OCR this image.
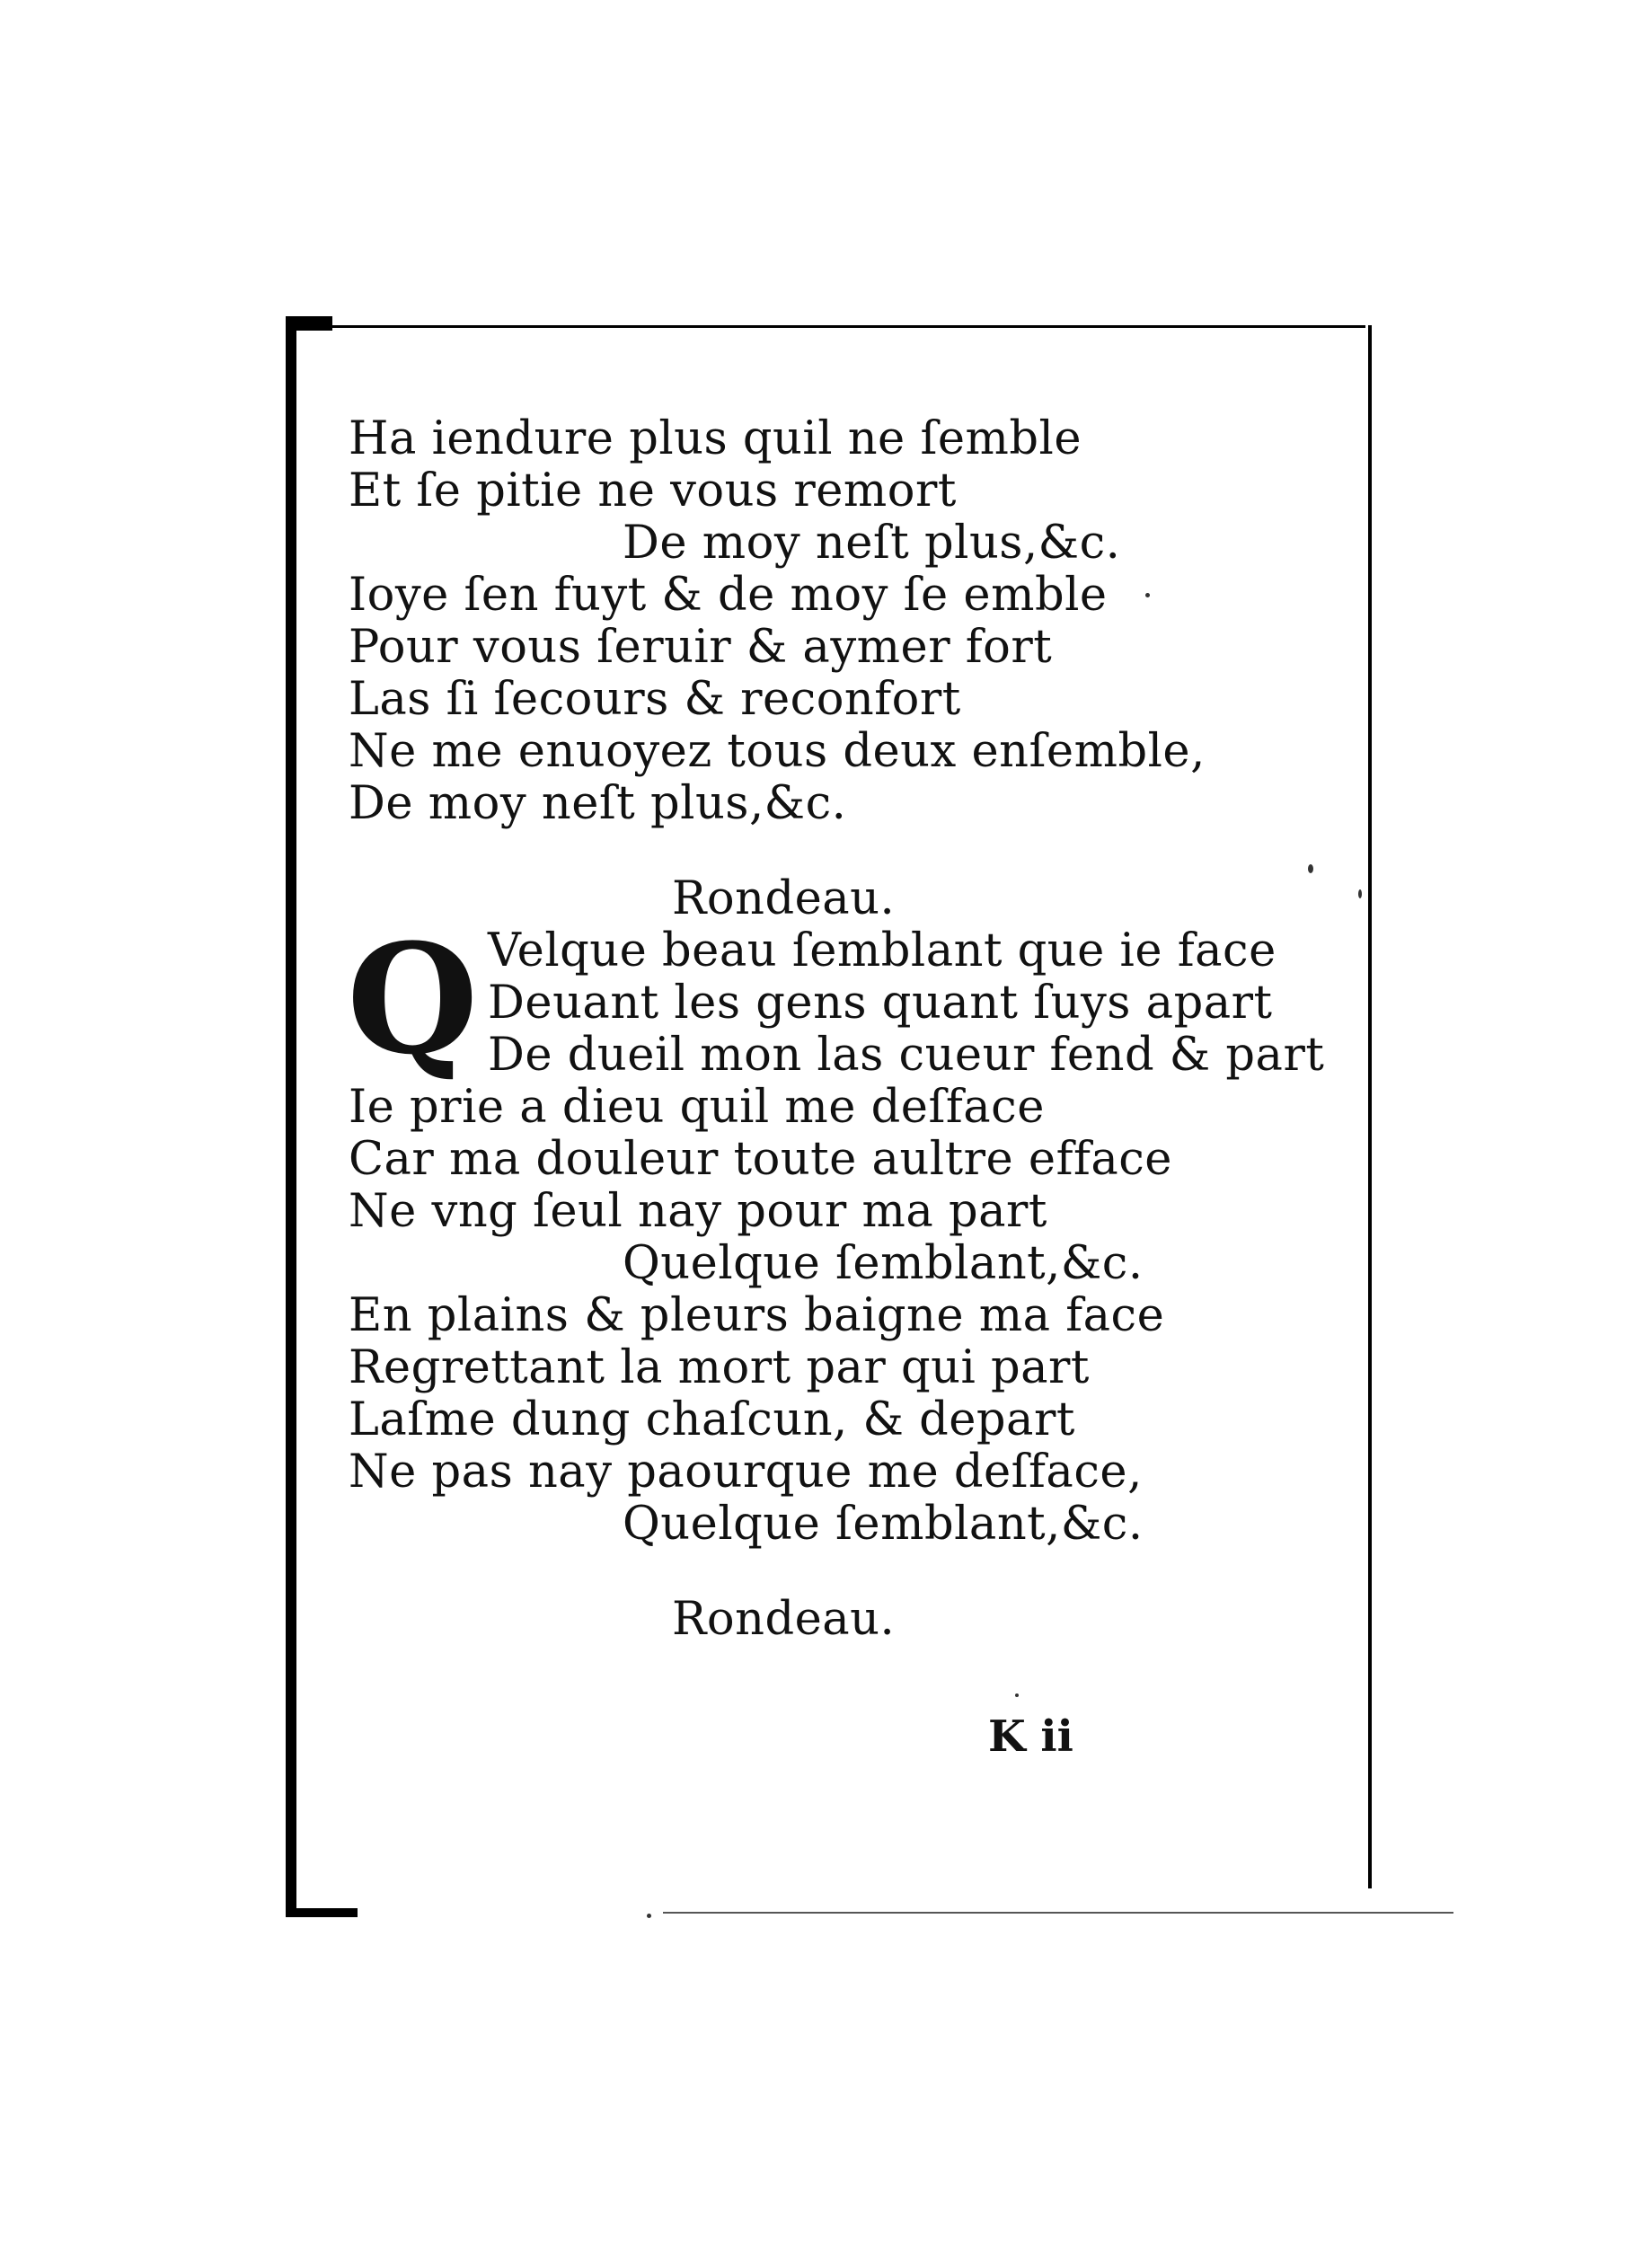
Ha iendure plus quil ne ſemble
Et ſe pitie ne vous remort
De moy neſt plus,&c.
Ioye ſen fuyt & de moy ſe emble
Pour vous ſeruir & aymer fort
Las ſi ſecours & reconfort
Ne me enuoyez tous deux enſemble,
De moy neſt plus,&c.
Rondeau.
Q Velque beau ſemblant que ie face
Deuant les gens quant ſuys apart
De dueil mon las cueur fend & part
Ie prie a dieu quil me deſface
Car ma douleur toute aultre efface
Ne vng ſeul nay pour ma part
Quelque ſemblant,&c.
En plains & pleurs baigne ma face
Regrettant la mort par qui part
Laſme dung chaſcun, & depart
Ne pas nay paourque me deſface,
Quelque ſemblant,&c.
Rondeau.
K ii
